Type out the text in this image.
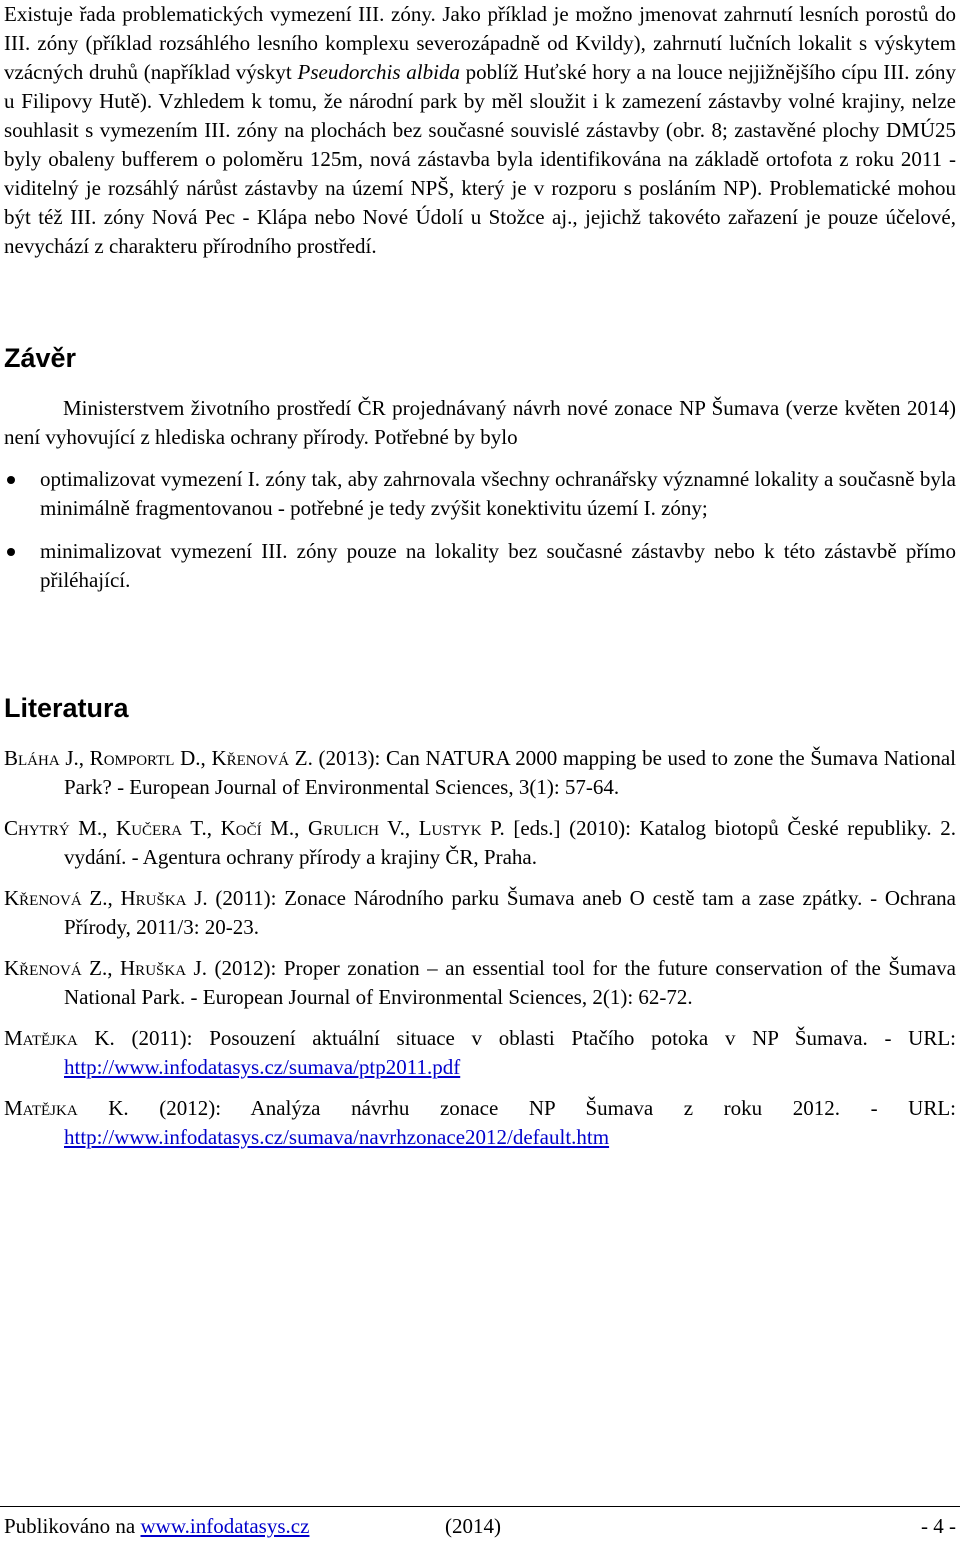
Existuje řada problematických vymezení III. zóny. Jako příklad je možno jmenovat zahrnutí lesních porostů do III. zóny (příklad rozsáhlého lesního komplexu severozápadně od Kvildy), zahrnutí lučních lokalit s výskytem vzácných druhů (například výskyt Pseudorchis albida poblíž Huťské hory a na louce nejjižnějšího cípu III. zóny u Filipovy Hutě). Vzhledem k tomu, že národní park by měl sloužit i k zamezení zástavby volné krajiny, nelze souhlasit s vymezením III. zóny na plochách bez současné souvislé zástavby (obr. 8; zastavěné plochy DMÚ25 byly obaleny bufferem o poloměru 125m, nová zástavba byla identifikována na základě ortofota z roku 2011 - viditelný je rozsáhlý nárůst zástavby na území NPŠ, který je v rozporu s posláním NP). Problematické mohou být též III. zóny Nová Pec - Klápa nebo Nové Údolí u Stožce aj., jejichž takovéto zařazení je pouze účelové, nevychází z charakteru přírodního prostředí.

Závěr

Ministerstvem životního prostředí ČR projednávaný návrh nové zonace NP Šumava (verze květen 2014) není vyhovující z hlediska ochrany přírody. Potřebné by bylo

optimalizovat vymezení I. zóny tak, aby zahrnovala všechny ochranářsky významné lokality a současně byla minimálně fragmentovanou - potřebné je tedy zvýšit konektivitu území I. zóny;
minimalizovat vymezení III. zóny pouze na lokality bez současné zástavby nebo k této zástavbě přímo přiléhající.
Literatura
Bláha J., Romportl D., Křenová Z. (2013): Can NATURA 2000 mapping be used to zone the Šumava National Park? - European Journal of Environmental Sciences, 3(1): 57-64.
Chytrý M., Kučera T., Kočí M., Grulich V., Lustyk P. [eds.] (2010): Katalog biotopů České republiky. 2. vydání. - Agentura ochrany přírody a krajiny ČR, Praha.
Křenová Z., Hruška J. (2011): Zonace Národního parku Šumava aneb O cestě tam a zase zpátky. - Ochrana Přírody, 2011/3: 20-23.
Křenová Z., Hruška J. (2012): Proper zonation – an essential tool for the future conservation of the Šumava National Park. - European Journal of Environmental Sciences, 2(1): 62-72.
Matějka K. (2011): Posouzení aktuální situace v oblasti Ptačího potoka v NP Šumava. - URL: http://www.infodatasys.cz/sumava/ptp2011.pdf
Matějka K. (2012): Analýza návrhu zonace NP Šumava z roku 2012. - URL: http://www.infodatasys.cz/sumava/navrhzonace2012/default.htm
Publikováno na www.infodatasys.cz	(2014)	- 4 -
